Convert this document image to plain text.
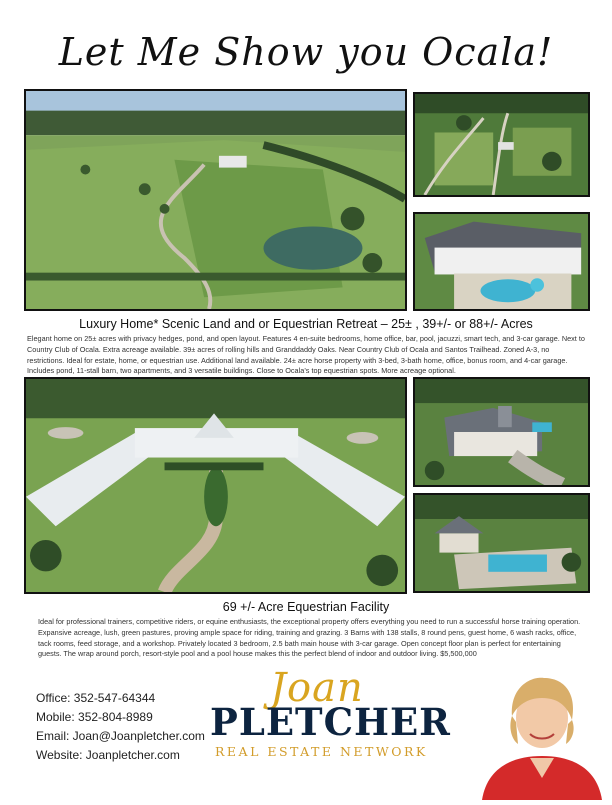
Let Me Show you Ocala!
Luxury Home* Scenic Land and or Equestrian Retreat – 25± , 39+/- or 88+/- Acres
Elegant home on 25± acres with privacy hedges, pond, and open layout. Features 4 en-suite bedrooms, home office, bar, pool, jacuzzi, smart tech, and 3-car garage. Next to Country Club of Ocala. Extra acreage available. 39± acres of rolling hills and Granddaddy Oaks. Near Country Club of Ocala and Santos Trailhead. Zoned A-3, no restrictions. Ideal for estate, home, or equestrian use. Additional land available. 24± acre horse property with 3-bed, 3-bath home, office, bonus room, and 4-car garage. Includes pond, 11-stall barn, two apartments, and 3 versatile buildings. Close to Ocala’s top equestrian spots. More acreage optional.
69 +/- Acre Equestrian Facility
Ideal for professional trainers, competitive riders, or equine enthusiasts, the exceptional property offers everything you need to run a successful horse training operation. Expansive acreage, lush, green pastures, proving ample space for riding, training and grazing. 3 Barns with 138 stalls, 8 round pens, guest home, 6 wash racks, office, tack rooms, feed storage, and a workshop. Privately located 3 bedroom, 2.5 bath main house with 3-car garage. Open concept floor plan is perfect for entertaining guests. The wrap around porch, resort-style pool and a pool house makes this the perfect blend of indoor and outdoor living. $5,500,000
Office: 352-547-64344
Mobile: 352-804-8989
Email: Joan@Joanpletcher.com
Website: Joanpletcher.com
Joan
PLETCHER
REAL ESTATE NETWORK
